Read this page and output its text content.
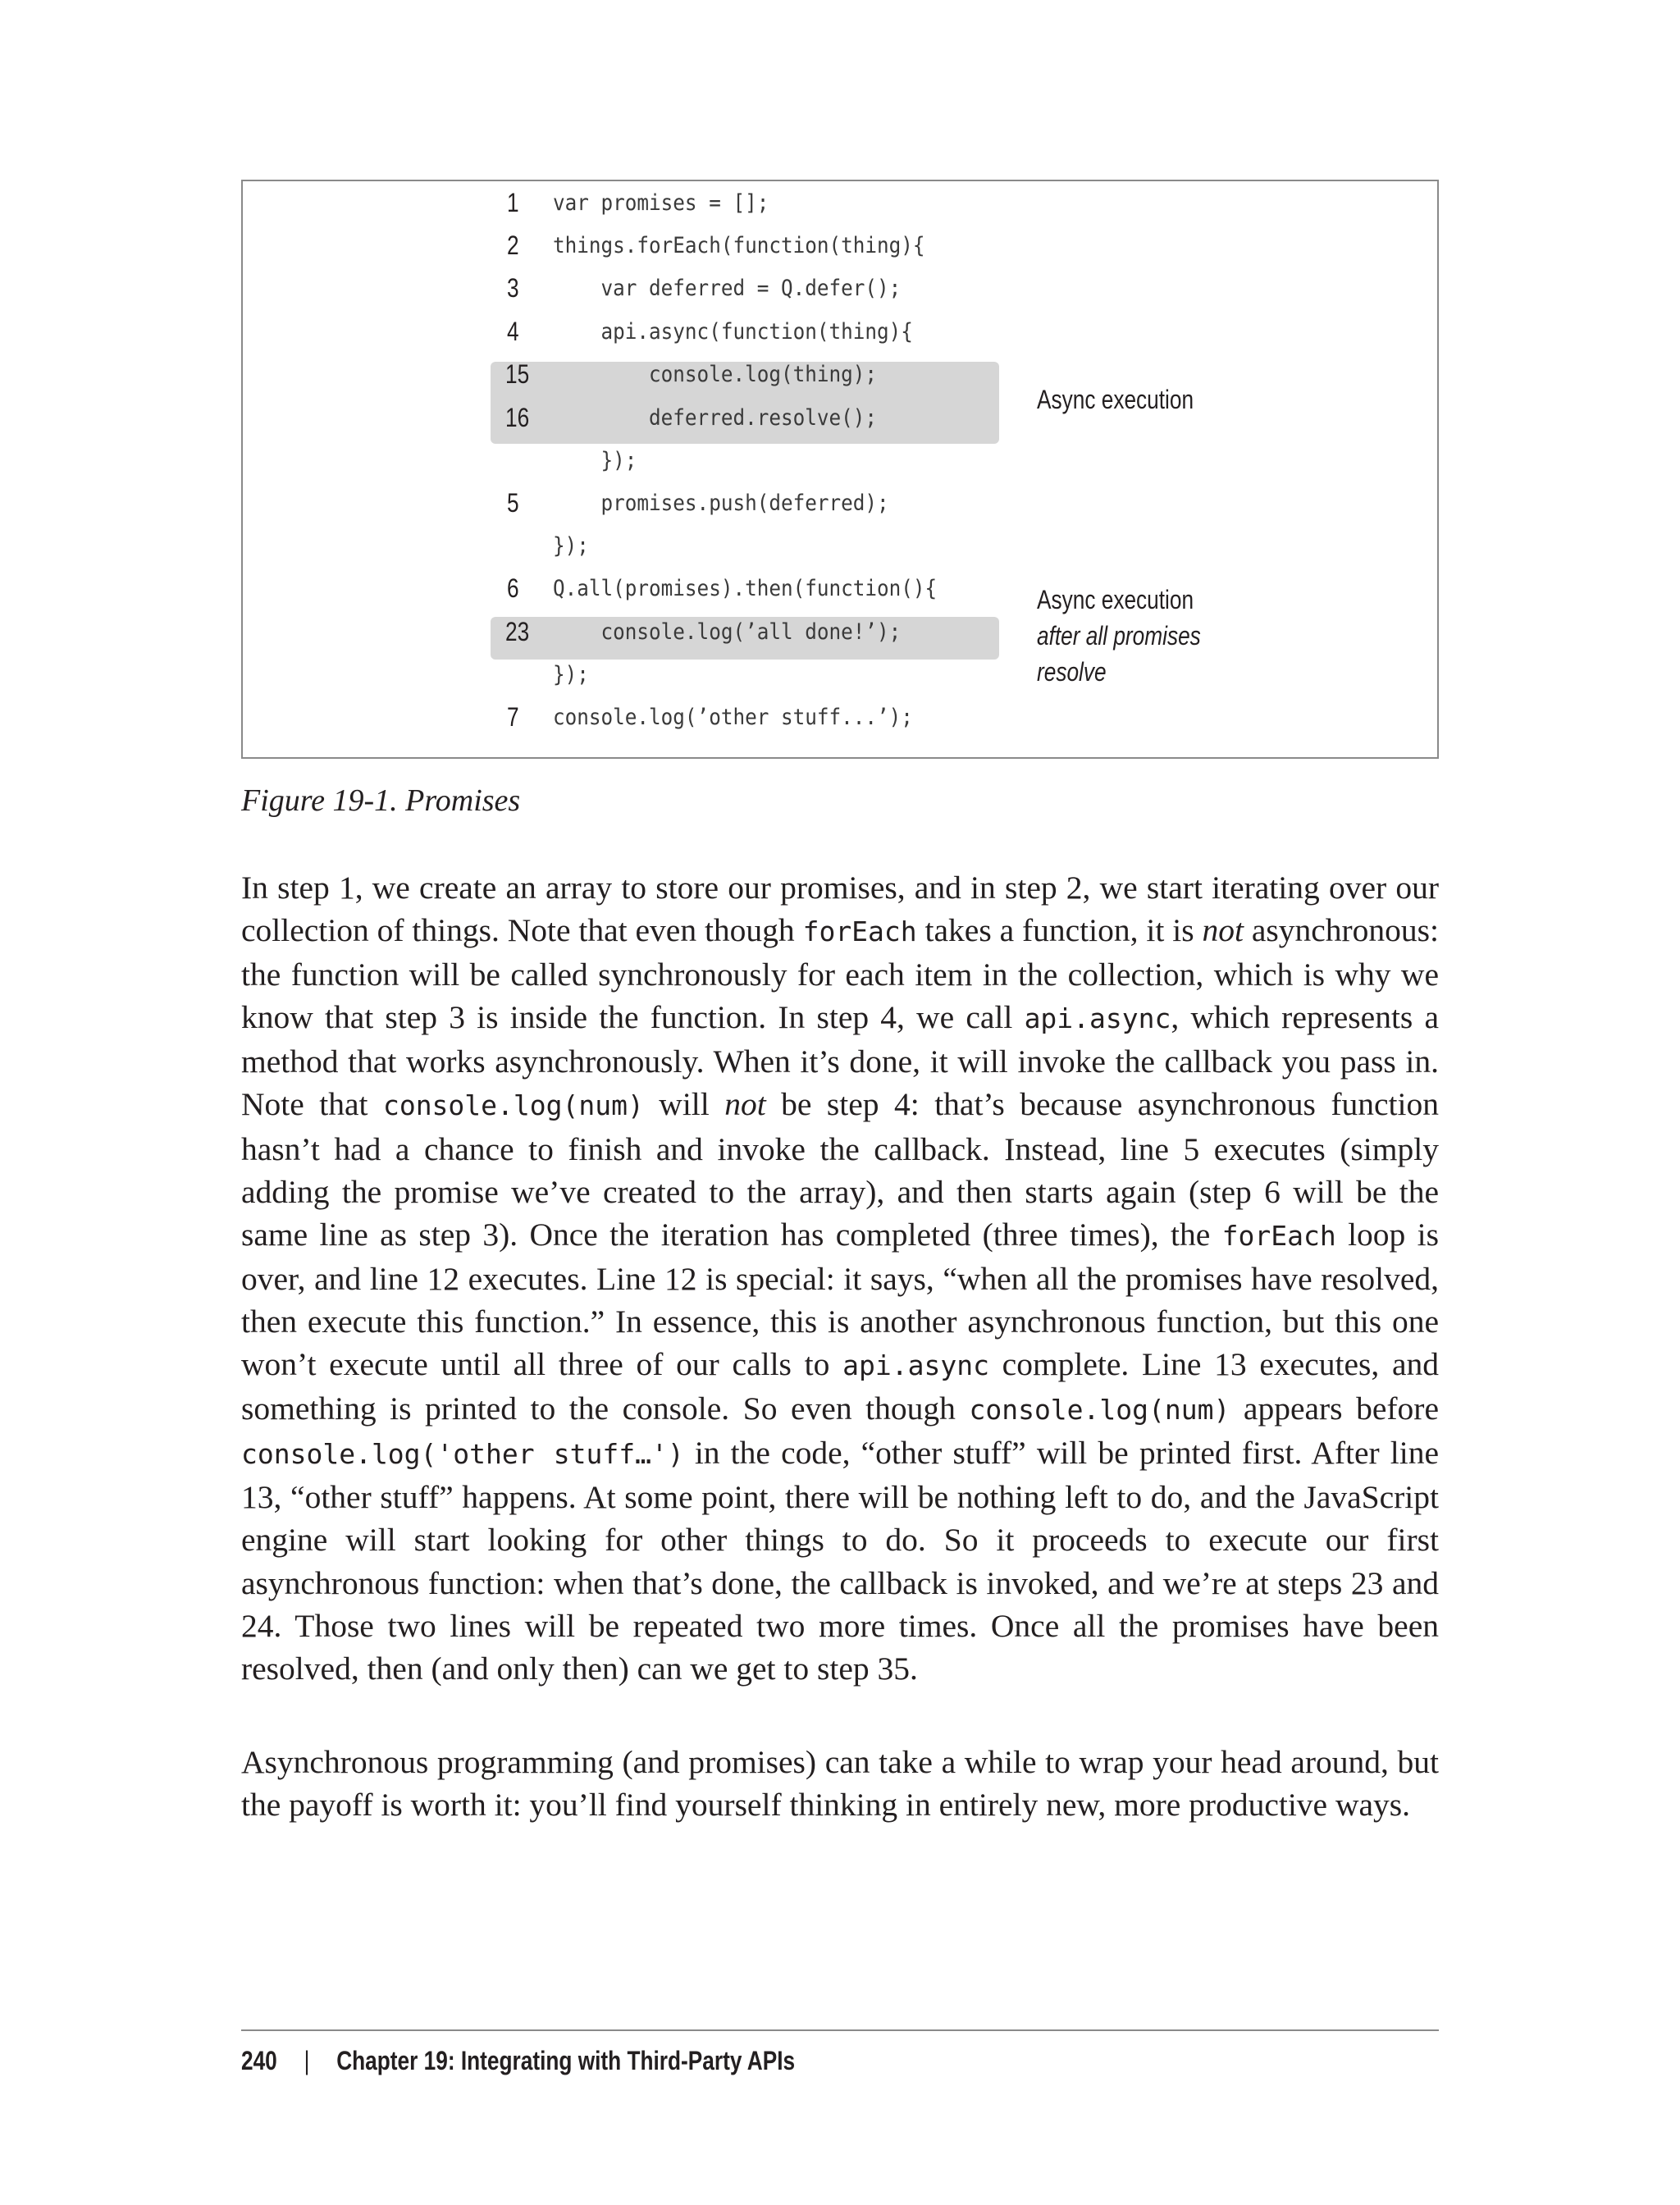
1	var promises = [];
2	things.forEach(function(thing){
3	var deferred = Q.defer();
4	api.async(function(thing){
15	console.log(thing);
16	deferred.resolve();
});
5	promises.push(deferred);
});
6	Q.all(promises).then(function(){
23	console.log(’all done!’);
});
7	console.log(’other stuff...’);
Async execution
Async execution
after all promises
resolve
Figure 19-1. Promises

In step 1, we create an array to store our promises, and in step 2, we start iterating over our collection of things. Note that even though forEach takes a function, it is not asynchronous: the function will be called synchronously for each item in the collection, which is why we know that step 3 is inside the function. In step 4, we call api.async, which represents a method that works asynchronously. When it’s done, it will invoke the callback you pass in. Note that console.log(num) will not be step 4: that’s because asynchronous function hasn’t had a chance to finish and invoke the callback. Instead, line 5 executes (simply adding the promise we’ve created to the array), and then starts again (step 6 will be the same line as step 3). Once the iteration has completed (three times), the forEach loop is over, and line 12 executes. Line 12 is special: it says, “when all the promises have resolved, then execute this function.” In essence, this is another asynchronous function, but this one won’t execute until all three of our calls to api.async complete. Line 13 executes, and something is printed to the console. So even though console.log(num) appears before console.log('other stuff…') in the code, “other stuff” will be printed first. After line 13, “other stuff” happens. At some point, there will be nothing left to do, and the JavaScript engine will start looking for other things to do. So it proceeds to execute our first asynchronous function: when that’s done, the callback is invoked, and we’re at steps 23 and 24. Those two lines will be repeated two more times. Once all the promises have been resolved, then (and only then) can we get to step 35.

Asynchronous programming (and promises) can take a while to wrap your head around, but the payoff is worth it: you’ll find yourself thinking in entirely new, more productive ways.

240 | Chapter 19: Integrating with Third-Party APIs
